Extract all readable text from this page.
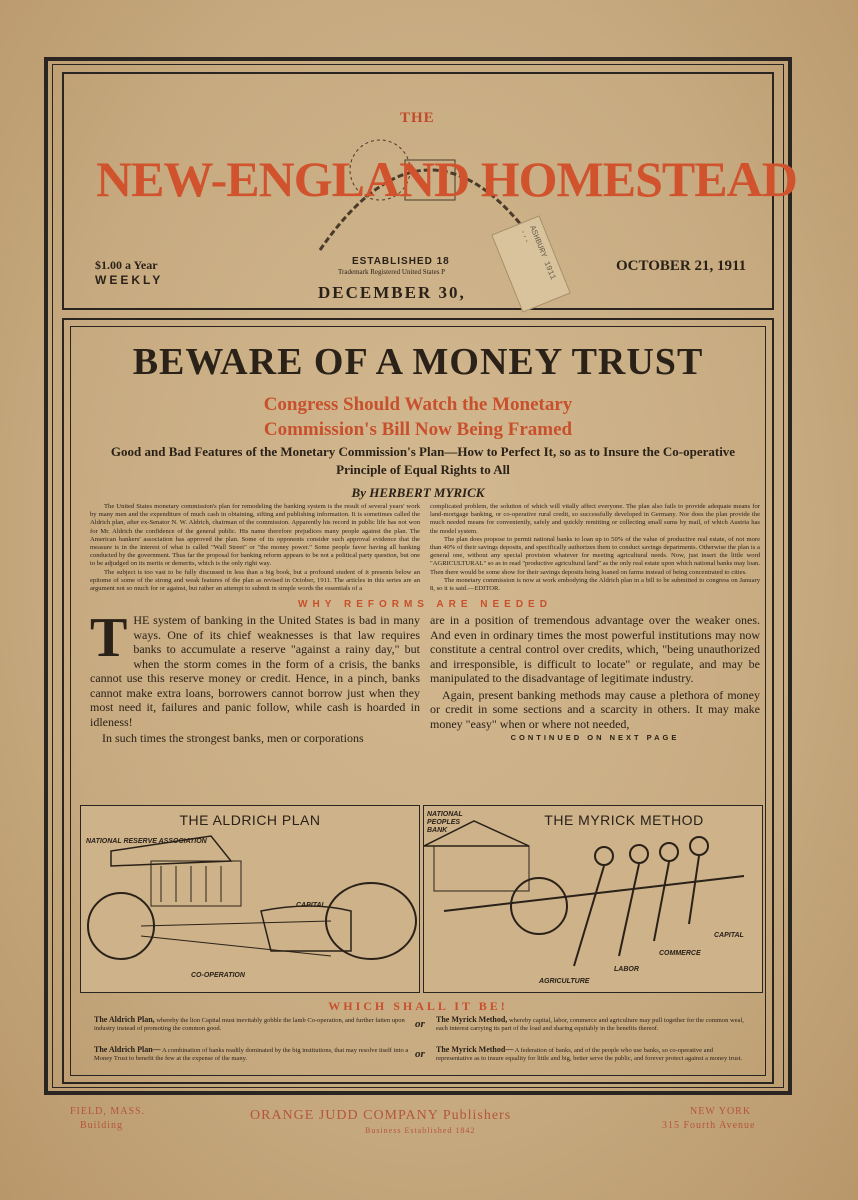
THE
NEW-ENGLAND HOMESTEAD
ESTABLISHED 18
Trademark Registered United States P
$1.00 a Year
WEEKLY
OCTOBER 21, 1911
DECEMBER 30,
ASHBURY 1911 ...
BEWARE OF A MONEY TRUST
Congress Should Watch the Monetary
Commission's Bill Now Being Framed
Good and Bad Features of the Monetary Commission's Plan—How to Perfect It, so as to Insure the Co-operative Principle of Equal Rights to All
By HERBERT MYRICK

The United States monetary commission's plan for remodeling the banking system is the result of several years' work by many men and the expenditure of much cash in obtaining, sifting and publishing information. It is sometimes called the Aldrich plan, after ex-Senator N. W. Aldrich, chairman of the commission. Apparently his record in public life has not won for Mr. Aldrich the confidence of the general public. His name therefore prejudices many people against the plan. The American bankers' association has approved the plan. Some of its opponents consider such approval evidence that the measure is in the interest of what is called "Wall Street" or "the money power." Some people favor having all banking conducted by the government. Thus far the proposal for banking reform appears to be not a political party question, but one to be adjudged on its merits or demerits, which is the only right way.

The subject is too vast to be fully discussed in less than a big book, but a profound student of it presents below an epitome of some of the strong and weak features of the plan as revised in October, 1911. The articles in this series are an argument not so much for or against, but rather an attempt to submit in simple words the essentials of a

complicated problem, the solution of which will vitally affect everyone. The plan also fails to provide adequate means for land-mortgage banking, or co-operative rural credit, so successfully developed in Germany. Nor does the plan provide the much needed means for conveniently, safely and quickly remitting or collecting small sums by mail, of which Austria has the model system.

The plan does propose to permit national banks to loan up to 50% of the value of productive real estate, of not more than 40% of their savings deposits, and specifically authorizes them to conduct savings departments. Otherwise the plan is a general one, without any special provision whatever for meeting agricultural needs. Now, just insert the little word "AGRICULTURAL" so as to read "productive agricultural land" as the only real estate upon which national banks may loan. Then there would be some show for their savings deposits being loaned on farms instead of being concentrated to cities.

The monetary commission is now at work embodying the Aldrich plan in a bill to be submitted to congress on January 8, so it is said.—EDITOR.

WHY REFORMS ARE NEEDED

THE system of banking in the United States is bad in many ways. One of its chief weaknesses is that law requires banks to accumulate a reserve "against a rainy day," but when the storm comes in the form of a crisis, the banks cannot use this reserve money or credit. Hence, in a pinch, banks cannot make extra loans, borrowers cannot borrow just when they most need it, failures and panic follow, while cash is hoarded in idleness!

In such times the strongest banks, men or corporations

are in a position of tremendous advantage over the weaker ones. And even in ordinary times the most powerful institutions may now constitute a central control over credits, which, "being unauthorized and irresponsible, is difficult to locate" or regulate, and may be manipulated to the disadvantage of legitimate industry.

Again, present banking methods may cause a plethora of money or credit in some sections and a scarcity in others. It may make money "easy" when or where not needed,

CONTINUED ON NEXT PAGE
THE ALDRICH PLAN
NATIONAL RESERVE ASSOCIATION
CAPITAL
CO-OPERATION
THE MYRICK METHOD
NATIONAL PEOPLES BANK
AGRICULTURE
LABOR
COMMERCE
CAPITAL
WHICH SHALL IT BE!
The Aldrich Plan, whereby the lion Capital must inevitably gobble the lamb Co-operation, and further fatten upon industry instead of promoting the common good.	or The Myrick Method, whereby capital, labor, commerce and agriculture may pull together for the common weal, each interest carrying its part of the load and sharing equitably in the benefits thereof.
The Aldrich Plan— A combination of banks readily dominated by the big institutions, that may resolve itself into a Money Trust to benefit the few at the expense of the many.	or The Myrick Method— A federation of banks, and of the people who use banks, so co-operative and representative as to insure equality for little and big, better serve the public, and forever protect against a money trust.
FIELD, MASS.
Building
ORANGE JUDD COMPANY Publishers
Business Established 1842
NEW YORK
315 Fourth Avenue
